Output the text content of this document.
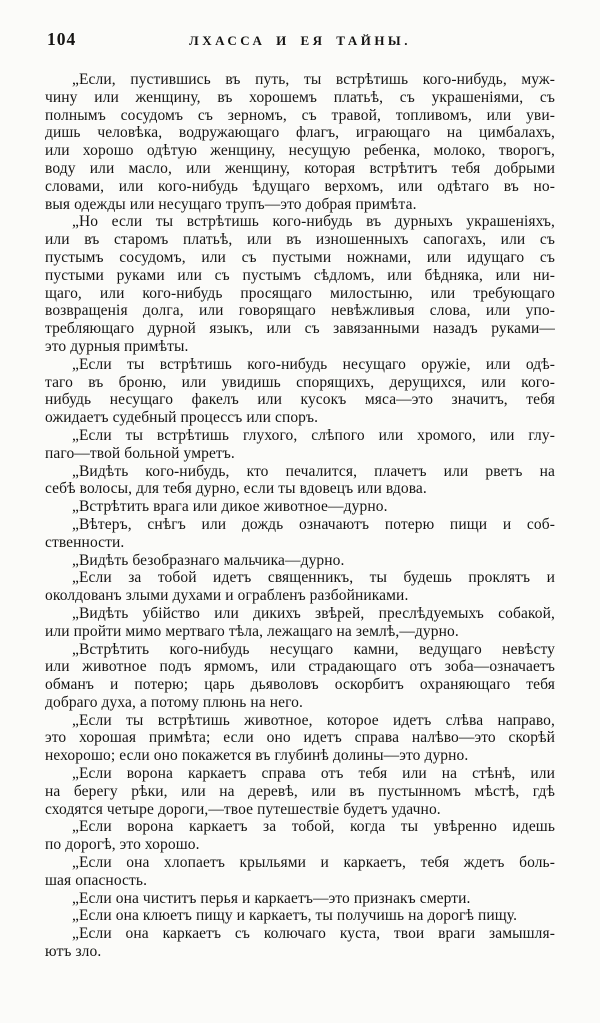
104	ЛХАССА И ЕЯ ТАЙНЫ.

„Если, пустившись въ путь, ты встрѣтишь кого-нибудь, муж-
чину или женщину, въ хорошемъ платьѣ, съ украшеніями, съ
полнымъ сосудомъ съ зерномъ, съ травой, топливомъ, или уви-
дишь человѣка, водружающаго флагъ, играющаго на цимбалахъ,
или хорошо одѣтую женщину, несущую ребенка, молоко, творогъ,
воду или масло, или женщину, которая встрѣтитъ тебя добрыми
словами, или кого-нибудь ѣдущаго верхомъ, или одѣтаго въ но-
выя одежды или несущаго трупъ—это добрая примѣта.

„Но если ты встрѣтишь кого-нибудь въ дурныхъ украшеніяхъ,
или въ старомъ платьѣ, или въ изношенныхъ сапогахъ, или съ
пустымъ сосудомъ, или съ пустыми ножнами, или идущаго съ
пустыми руками или съ пустымъ сѣдломъ, или бѣдняка, или ни-
щаго, или кого-нибудь просящаго милостыню, или требующаго
возвращенія долга, или говорящаго невѣжливыя слова, или упо-
требляющаго дурной языкъ, или съ завязанными назадъ руками—
это дурныя примѣты.

„Если ты встрѣтишь кого-нибудь несущаго оружіе, или одѣ-
таго въ броню, или увидишь спорящихъ, дерущихся, или кого-
нибудь несущаго факелъ или кусокъ мяса—это значитъ, тебя
ожидаетъ судебный процессъ или споръ.

„Если ты встрѣтишь глухого, слѣпого или хромого, или глу-
паго—твой больной умретъ.

„Видѣть кого-нибудь, кто печалится, плачетъ или рветъ на
себѣ волосы, для тебя дурно, если ты вдовецъ или вдова.

„Встрѣтить врага или дикое животное—дурно.

„Вѣтеръ, снѣгъ или дождь означаютъ потерю пищи и соб-
ственности.

„Видѣть безобразнаго мальчика—дурно.

„Если за тобой идетъ священникъ, ты будешь проклятъ и
околдованъ злыми духами и ограбленъ разбойниками.

„Видѣть убійство или дикихъ звѣрей, преслѣдуемыхъ собакой,
или пройти мимо мертваго тѣла, лежащаго на землѣ,—дурно.

„Встрѣтить кого-нибудь несущаго камни, ведущаго невѣсту
или животное подъ ярмомъ, или страдающаго отъ зоба—означаетъ
обманъ и потерю; царь дьяволовъ оскорбитъ охраняющаго тебя
добраго духа, а потому плюнь на него.

„Если ты встрѣтишь животное, которое идетъ слѣва направо,
это хорошая примѣта; если оно идетъ справа налѣво—это скорѣй
нехорошо; если оно покажется въ глубинѣ долины—это дурно.

„Если ворона каркаетъ справа отъ тебя или на стѣнѣ, или
на берегу рѣки, или на деревѣ, или въ пустынномъ мѣстѣ, гдѣ
сходятся четыре дороги,—твое путешествіе будетъ удачно.

„Если ворона каркаетъ за тобой, когда ты увѣренно идешь
по дорогѣ, это хорошо.

„Если она хлопаетъ крыльями и каркаетъ, тебя ждетъ боль-
шая опасность.

„Если она чиститъ перья и каркаетъ—это признакъ смерти.

„Если она клюетъ пищу и каркаетъ, ты получишь на дорогѣ пищу.

„Если она каркаетъ съ колючаго куста, твои враги замышля-
ютъ зло.
